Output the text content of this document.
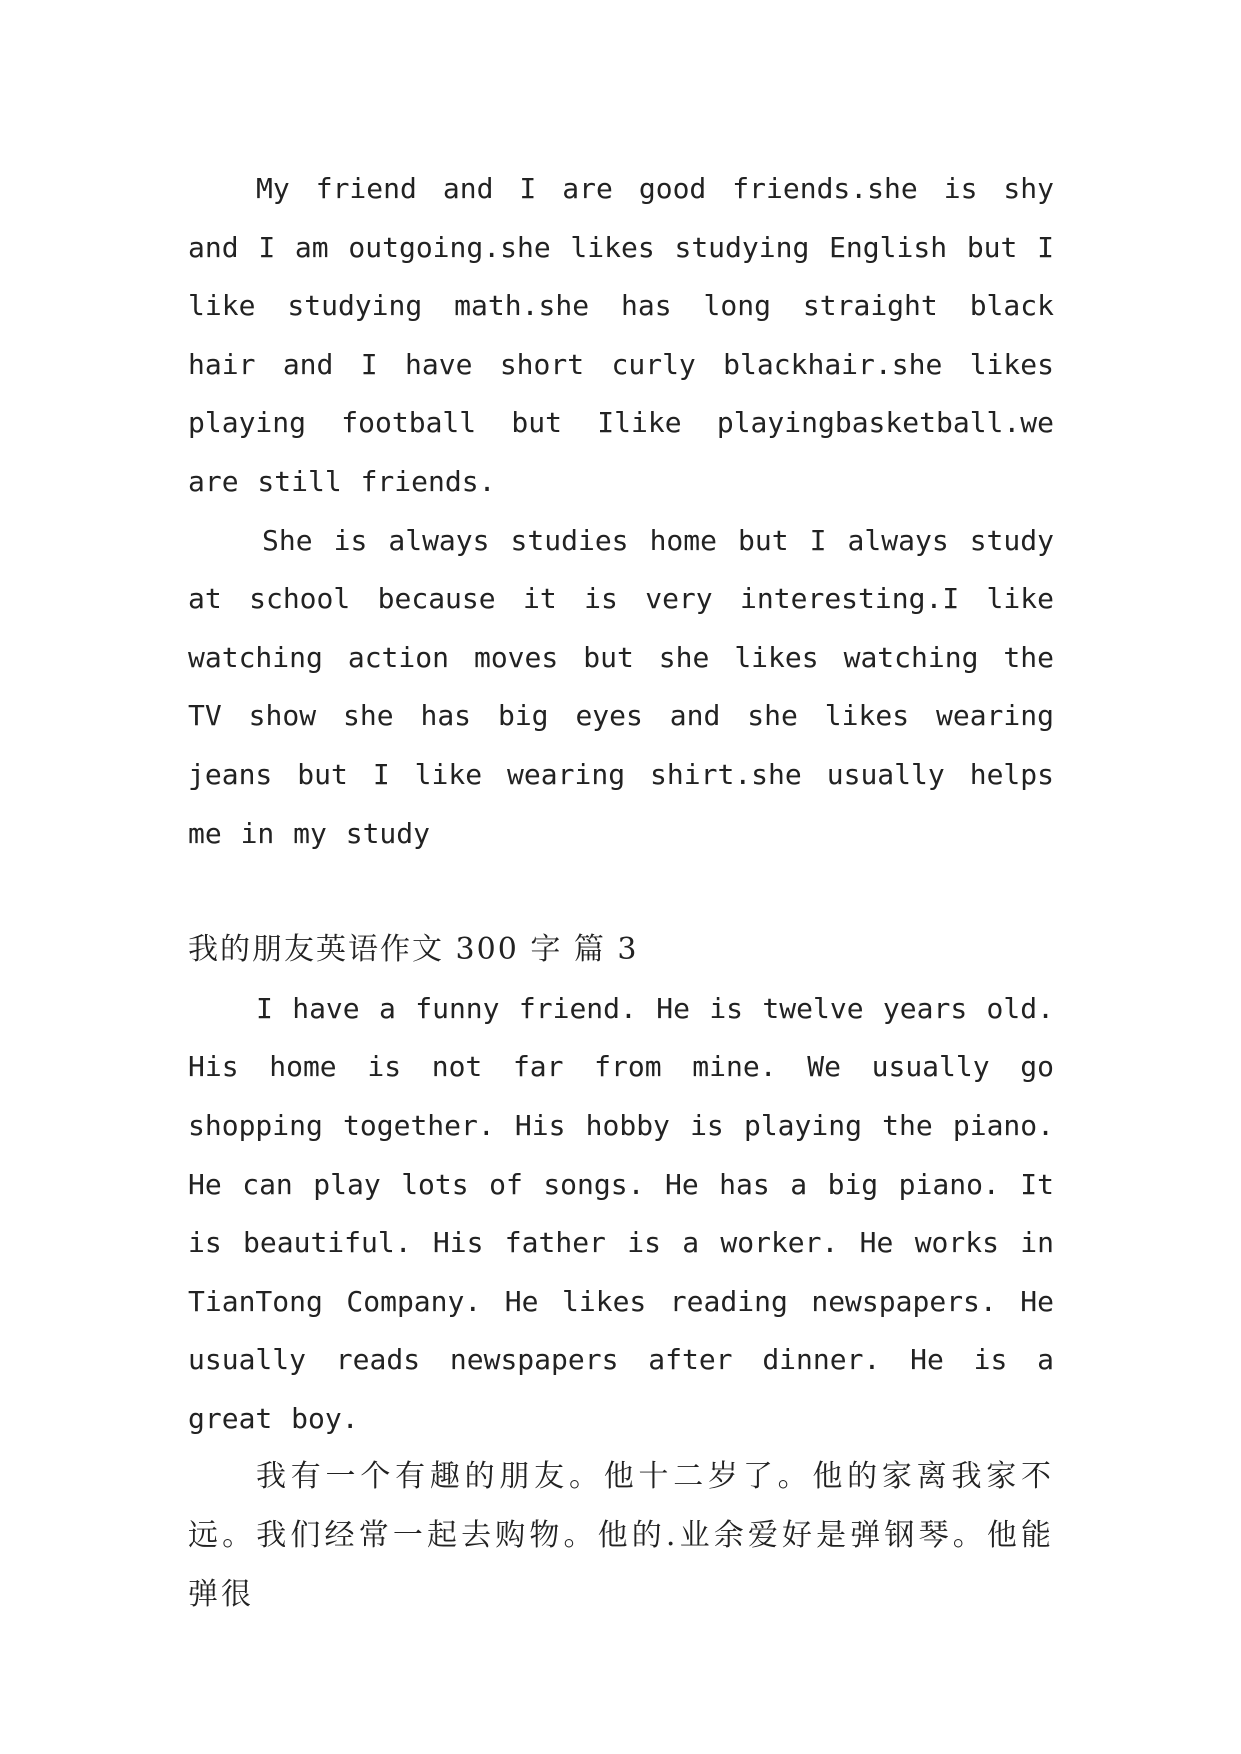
My friend and I are good friends.she is shy and I am outgoing.she likes studying English but I like studying math.she has long straight black hair and I have short curly blackhair.she likes playing football but Ilike playingbasketball.we are still friends.

She is always studies home but I always study at school because it is very interesting.I like watching action moves but she likes watching the TV show she has big eyes and she likes wearing jeans but I like wearing shirt.she usually helps me in my study

我的朋友英语作文 300 字 篇 3

I have a funny friend. He is twelve years old. His home is not far from mine. We usually go shopping together. His hobby is playing the piano. He can play lots of songs. He has a big piano. It is beautiful. His father is a worker. He works in TianTong Company. He likes reading newspapers. He usually reads newspapers after dinner. He is a great boy.

我有一个有趣的朋友。他十二岁了。他的家离我家不远。我们经常一起去购物。他的.业余爱好是弹钢琴。他能弹很
